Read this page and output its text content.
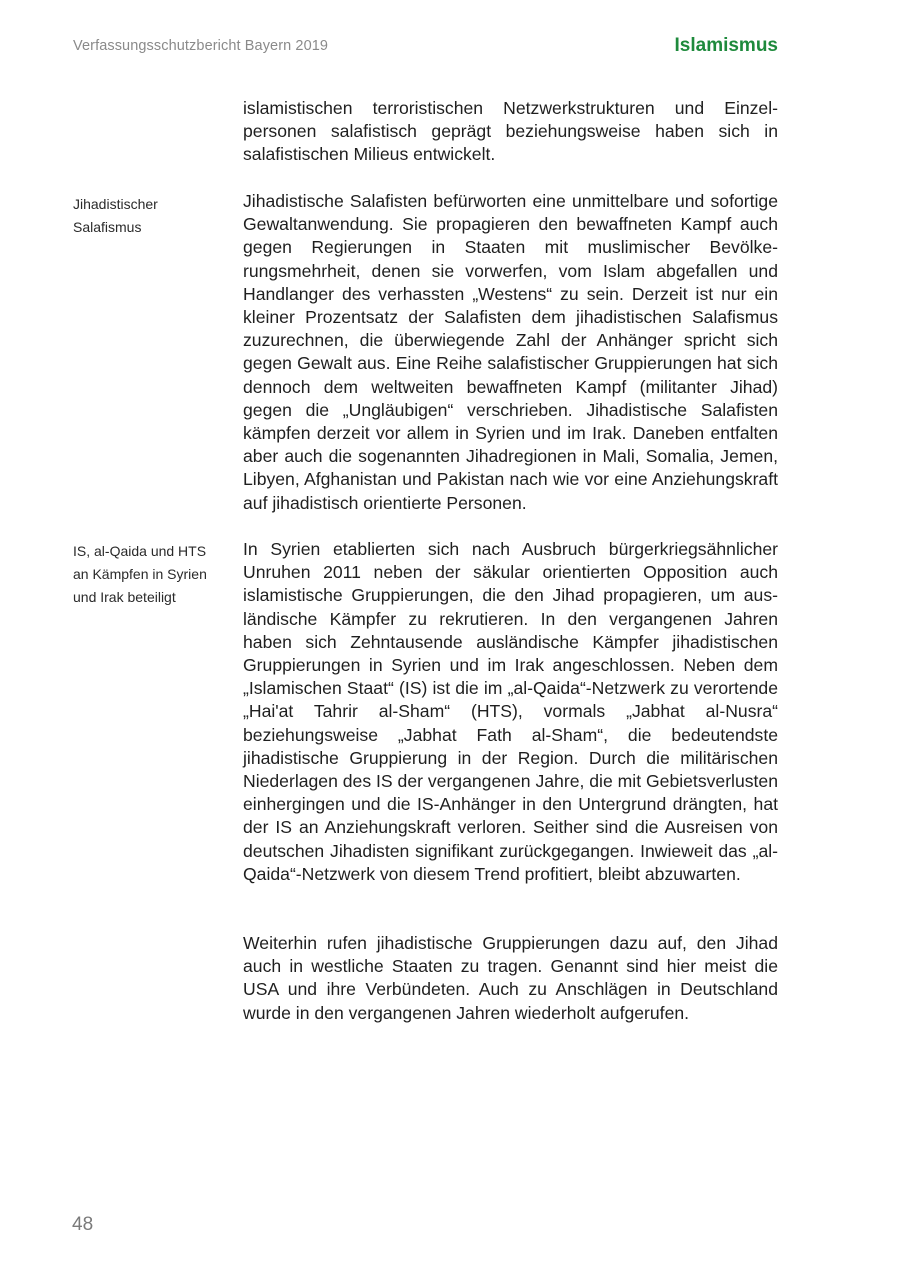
Verfassungsschutzbericht Bayern 2019	Islamismus

islamistischen terroristischen Netzwerkstrukturen und Einzelpersonen salafistisch geprägt beziehungsweise haben sich in salafistischen Milieus entwickelt.

Jihadistischer Salafismus

Jihadistische Salafisten befürworten eine unmittelbare und sofortige Gewaltanwendung. Sie propagieren den bewaffneten Kampf auch gegen Regierungen in Staaten mit muslimischer Bevölkerungsmehrheit, denen sie vorwerfen, vom Islam abgefallen und Handlanger des verhassten „Westens“ zu sein. Derzeit ist nur ein kleiner Prozentsatz der Salafisten dem jihadistischen Salafismus zuzurechnen, die überwiegende Zahl der Anhänger spricht sich gegen Gewalt aus. Eine Reihe salafistischer Gruppierungen hat sich dennoch dem weltweiten bewaffneten Kampf (militanter Jihad) gegen die „Ungläubigen“ verschrieben. Jihadistische Salafisten kämpfen derzeit vor allem in Syrien und im Irak. Daneben entfalten aber auch die sogenannten Jihadregionen in Mali, Somalia, Jemen, Libyen, Afghanistan und Pakistan nach wie vor eine Anziehungskraft auf jihadistisch orientierte Personen.

IS, al-Qaida und HTS an Kämpfen in Syrien und Irak beteiligt

In Syrien etablierten sich nach Ausbruch bürgerkriegsähnlicher Unruhen 2011 neben der säkular orientierten Opposition auch islamistische Gruppierungen, die den Jihad propagieren, um ausländische Kämpfer zu rekrutieren. In den vergangenen Jahren haben sich Zehntausende ausländische Kämpfer jihadistischen Gruppierungen in Syrien und im Irak angeschlossen. Neben dem „Islamischen Staat“ (IS) ist die im „al-Qaida“-Netzwerk zu verortende „Hai'at Tahrir al-Sham“ (HTS), vormals „Jabhat al-Nusra“ beziehungsweise „Jabhat Fath al-Sham“, die bedeutendste jihadistische Gruppierung in der Region. Durch die militärischen Niederlagen des IS der vergangenen Jahre, die mit Gebietsverlusten einhergingen und die IS-Anhänger in den Untergrund drängten, hat der IS an Anziehungskraft verloren. Seither sind die Ausreisen von deutschen Jihadisten signifikant zurückgegangen. Inwieweit das „al-Qaida“-Netzwerk von diesem Trend profitiert, bleibt abzuwarten.

Weiterhin rufen jihadistische Gruppierungen dazu auf, den Jihad auch in westliche Staaten zu tragen. Genannt sind hier meist die USA und ihre Verbündeten. Auch zu Anschlägen in Deutschland wurde in den vergangenen Jahren wiederholt aufgerufen.

48
